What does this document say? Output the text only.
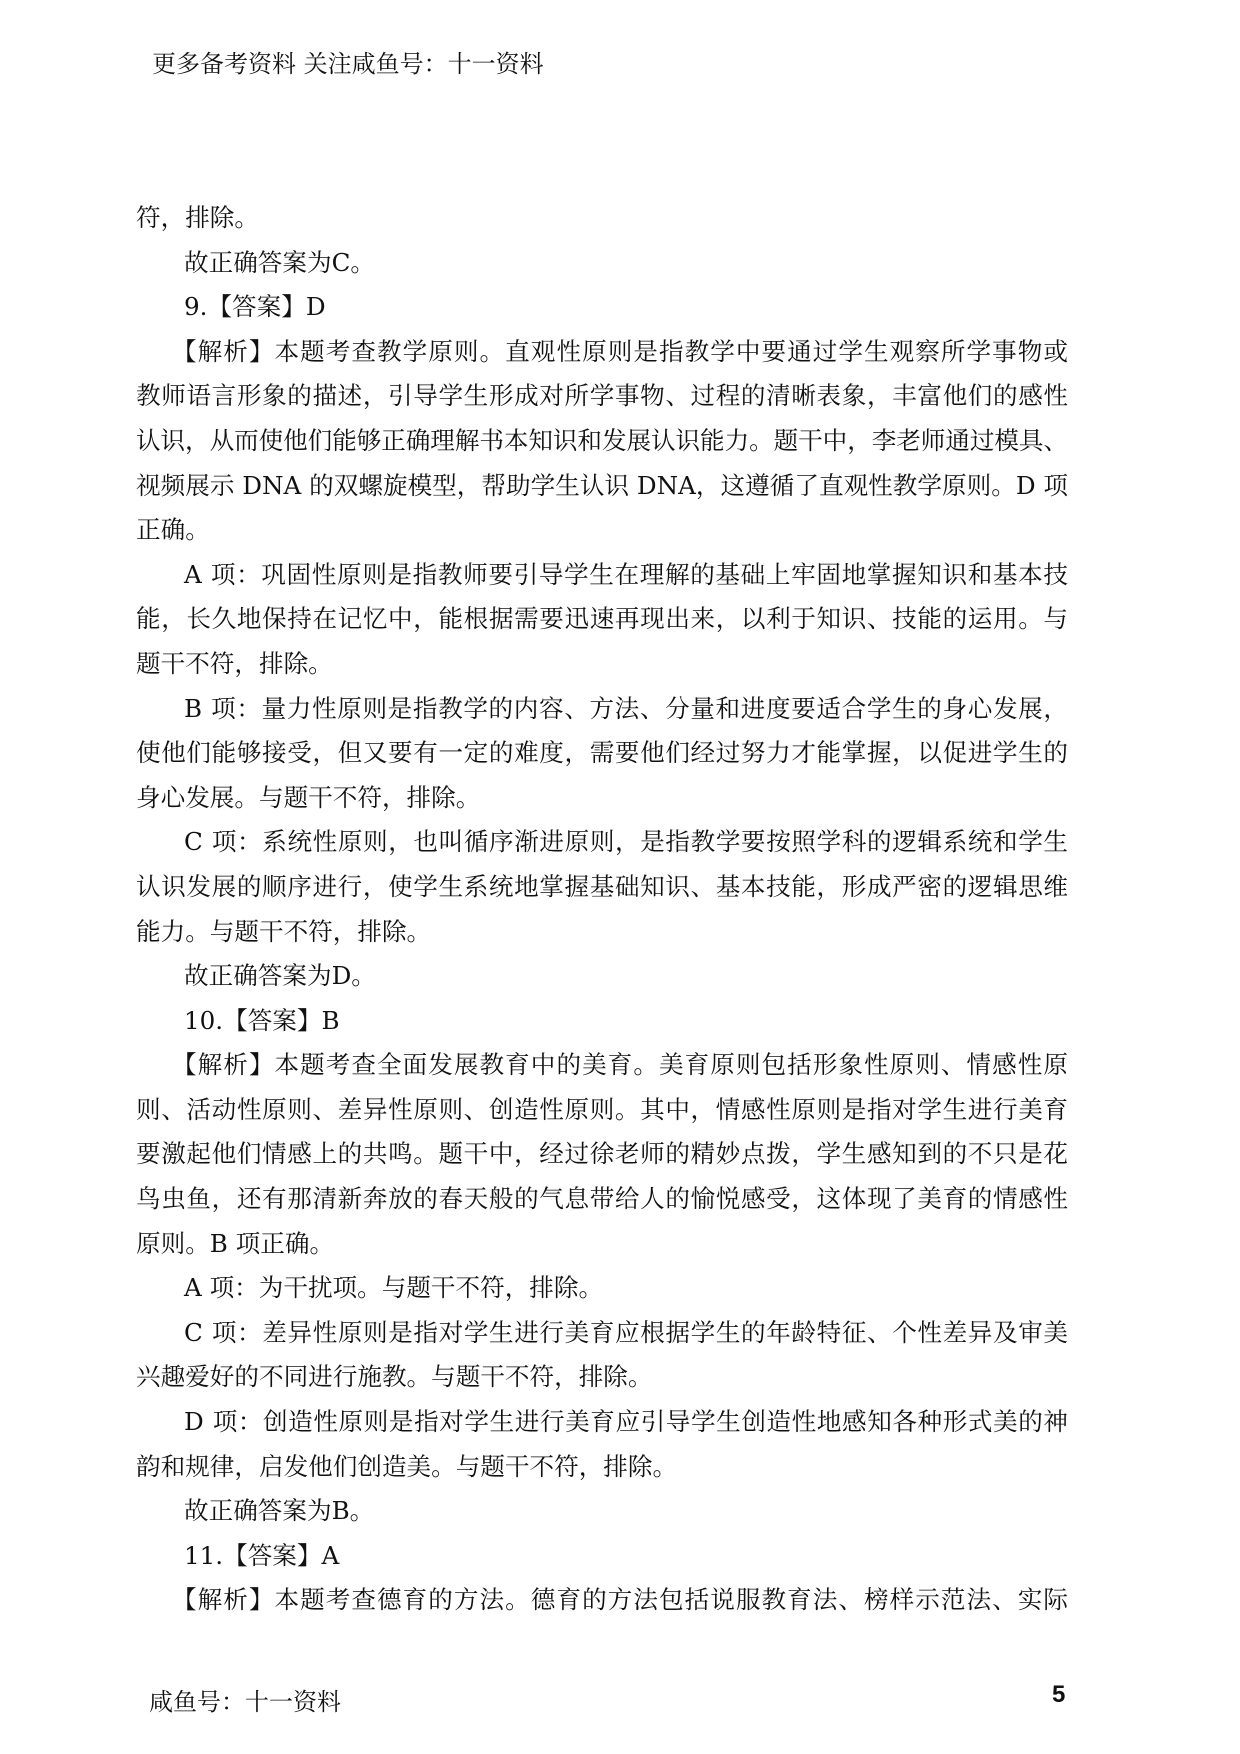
更多备考资料 关注咸鱼号：十一资料
符，排除。
故正确答案为C。
9.【答案】D
【解析】本题考查教学原则。直观性原则是指教学中要通过学生观察所学事物或
教师语言形象的描述，引导学生形成对所学事物、过程的清晰表象，丰富他们的感性
认识，从而使他们能够正确理解书本知识和发展认识能力。题干中，李老师通过模具、
视频展示 DNA 的双螺旋模型，帮助学生认识 DNA，这遵循了直观性教学原则。D 项
正确。
A 项：巩固性原则是指教师要引导学生在理解的基础上牢固地掌握知识和基本技
能，长久地保持在记忆中，能根据需要迅速再现出来，以利于知识、技能的运用。与
题干不符，排除。
B 项：量力性原则是指教学的内容、方法、分量和进度要适合学生的身心发展，
使他们能够接受，但又要有一定的难度，需要他们经过努力才能掌握，以促进学生的
身心发展。与题干不符，排除。
C 项：系统性原则，也叫循序渐进原则，是指教学要按照学科的逻辑系统和学生
认识发展的顺序进行，使学生系统地掌握基础知识、基本技能，形成严密的逻辑思维
能力。与题干不符，排除。
故正确答案为D。
10.【答案】B
【解析】本题考查全面发展教育中的美育。美育原则包括形象性原则、情感性原
则、活动性原则、差异性原则、创造性原则。其中，情感性原则是指对学生进行美育
要激起他们情感上的共鸣。题干中，经过徐老师的精妙点拨，学生感知到的不只是花
鸟虫鱼，还有那清新奔放的春天般的气息带给人的愉悦感受，这体现了美育的情感性
原则。B 项正确。
A 项：为干扰项。与题干不符，排除。
C 项：差异性原则是指对学生进行美育应根据学生的年龄特征、个性差异及审美
兴趣爱好的不同进行施教。与题干不符，排除。
D 项：创造性原则是指对学生进行美育应引导学生创造性地感知各种形式美的神
韵和规律，启发他们创造美。与题干不符，排除。
故正确答案为B。
11.【答案】A
【解析】本题考查德育的方法。德育的方法包括说服教育法、榜样示范法、实际
咸鱼号：十一资料	5
